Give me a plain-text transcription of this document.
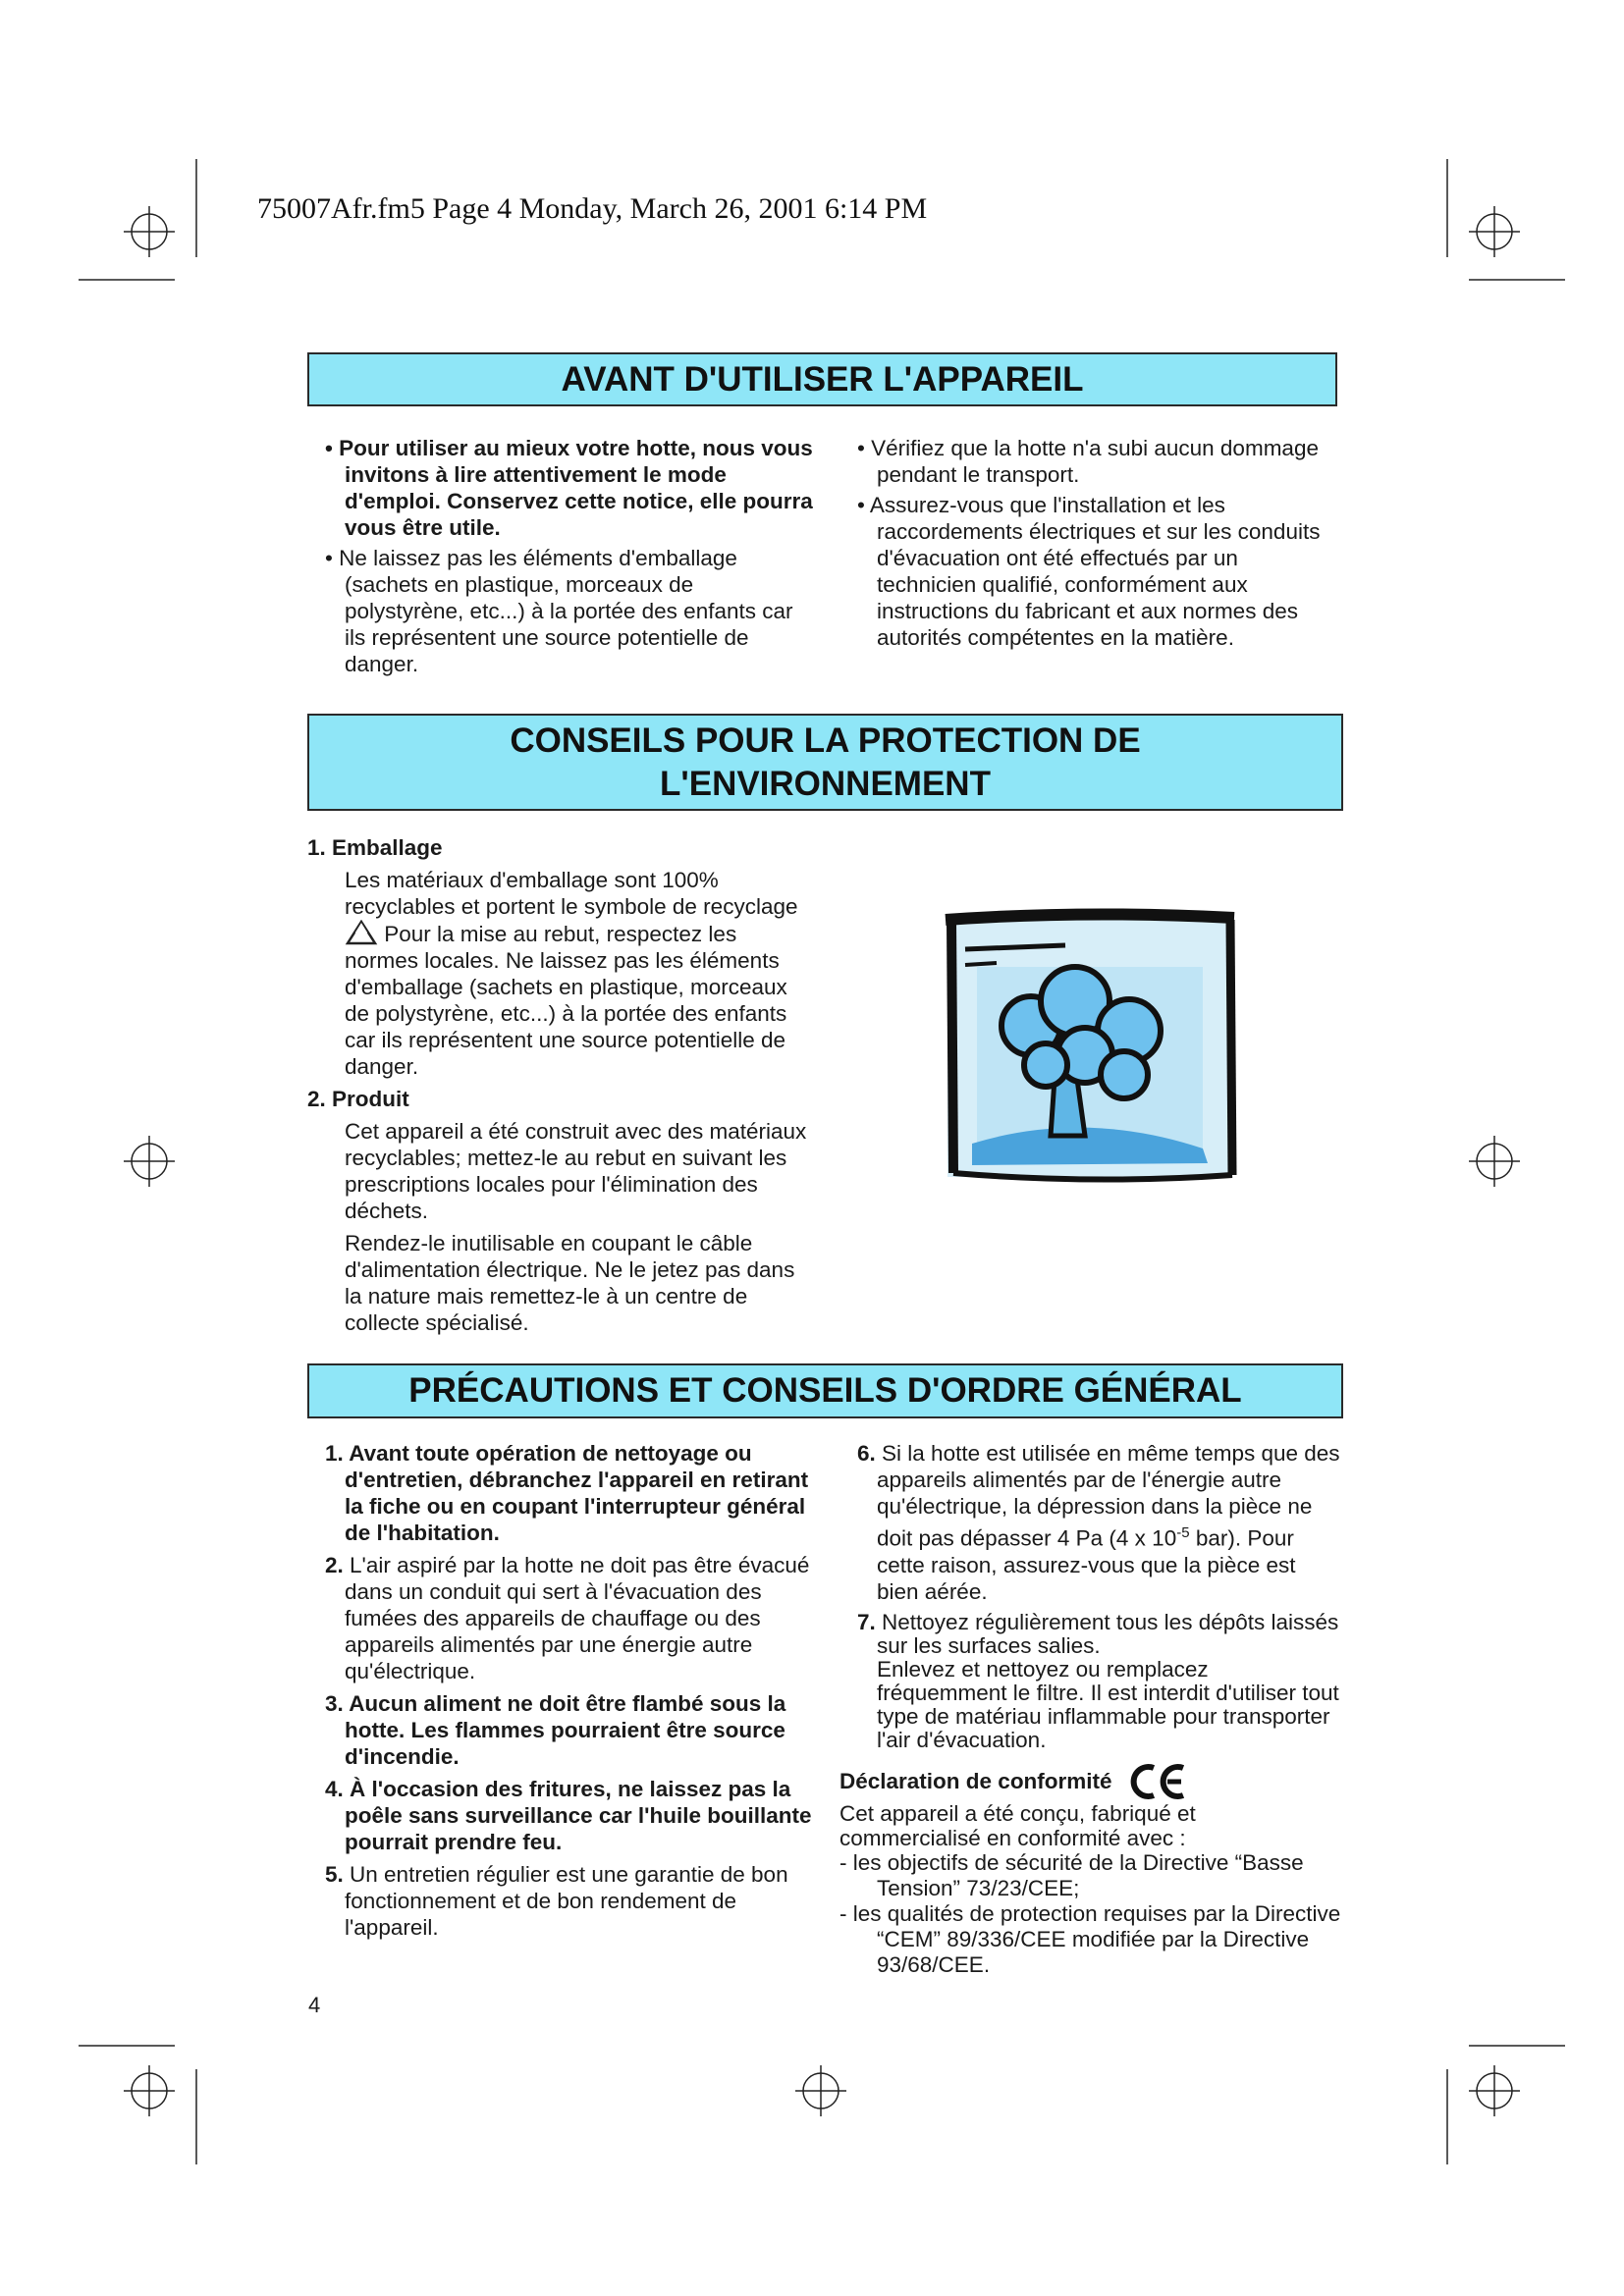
75007Afr.fm5 Page 4 Monday, March 26, 2001 6:14 PM
AVANT D'UTILISER L'APPAREIL

• Pour utiliser au mieux votre hotte, nous vous invitons à lire attentivement le mode d'emploi. Conservez cette notice, elle pourra vous être utile.

• Ne laissez pas les éléments d'emballage (sachets en plastique, morceaux de polystyrène, etc...) à la portée des enfants car ils représentent une source potentielle de danger.

• Vérifiez que la hotte n'a subi aucun dommage pendant le transport.

• Assurez-vous que l'installation et les raccordements électriques et sur les conduits d'évacuation ont été effectués par un technicien qualifié, conformément aux instructions du fabricant et aux normes des autorités compétentes en la matière.

CONSEILS POUR LA PROTECTION DE
L'ENVIRONNEMENT
1. Emballage

Les matériaux d'emballage sont 100% recyclables et portent le symbole de recyclage  Pour la mise au rebut, respectez les normes locales. Ne laissez pas les éléments d'emballage (sachets en plastique, morceaux de polystyrène, etc...) à la portée des enfants car ils représentent une source potentielle de danger.

2. Produit

Cet appareil a été construit avec des matériaux recyclables; mettez-le au rebut en suivant les prescriptions locales pour l'élimination des déchets.

Rendez-le inutilisable en coupant le câble d'alimentation électrique. Ne le jetez pas dans la nature mais remettez-le à un centre de collecte spécialisé.

PRÉCAUTIONS ET CONSEILS D'ORDRE GÉNÉRAL

1. Avant toute opération de nettoyage ou d'entretien, débranchez l'appareil en retirant la fiche ou en coupant l'interrupteur général de l'habitation.

2. L'air aspiré par la hotte ne doit pas être évacué dans un conduit qui sert à l'évacuation des fumées des appareils de chauffage ou des appareils alimentés par une énergie autre qu'électrique.

3. Aucun aliment ne doit être flambé sous la hotte. Les flammes pourraient être source d'incendie.

4. À l'occasion des fritures, ne laissez pas la poêle sans surveillance car l'huile bouillante pourrait prendre feu.

5. Un entretien régulier est une garantie de bon fonctionnement et de bon rendement de l'appareil.

6. Si la hotte est utilisée en même temps que des appareils alimentés par de l'énergie autre qu'électrique, la dépression dans la pièce ne doit pas dépasser 4 Pa (4 x $10^{-5}$ bar). Pour cette raison, assurez-vous que la pièce est bien aérée.

7. Nettoyez régulièrement tous les dépôts laissés sur les surfaces salies.
Enlevez et nettoyez ou remplacez fréquemment le filtre. Il est interdit d'utiliser tout type de matériau inflammable pour transporter l'air d'évacuation.

Déclaration de conformité

Cet appareil a été conçu, fabriqué et commercialisé en conformité avec :

- les objectifs de sécurité de la Directive “Basse Tension” 73/23/CEE;

- les qualités de protection requises par la Directive “CEM” 89/336/CEE modifiée par la Directive 93/68/CEE.

4
